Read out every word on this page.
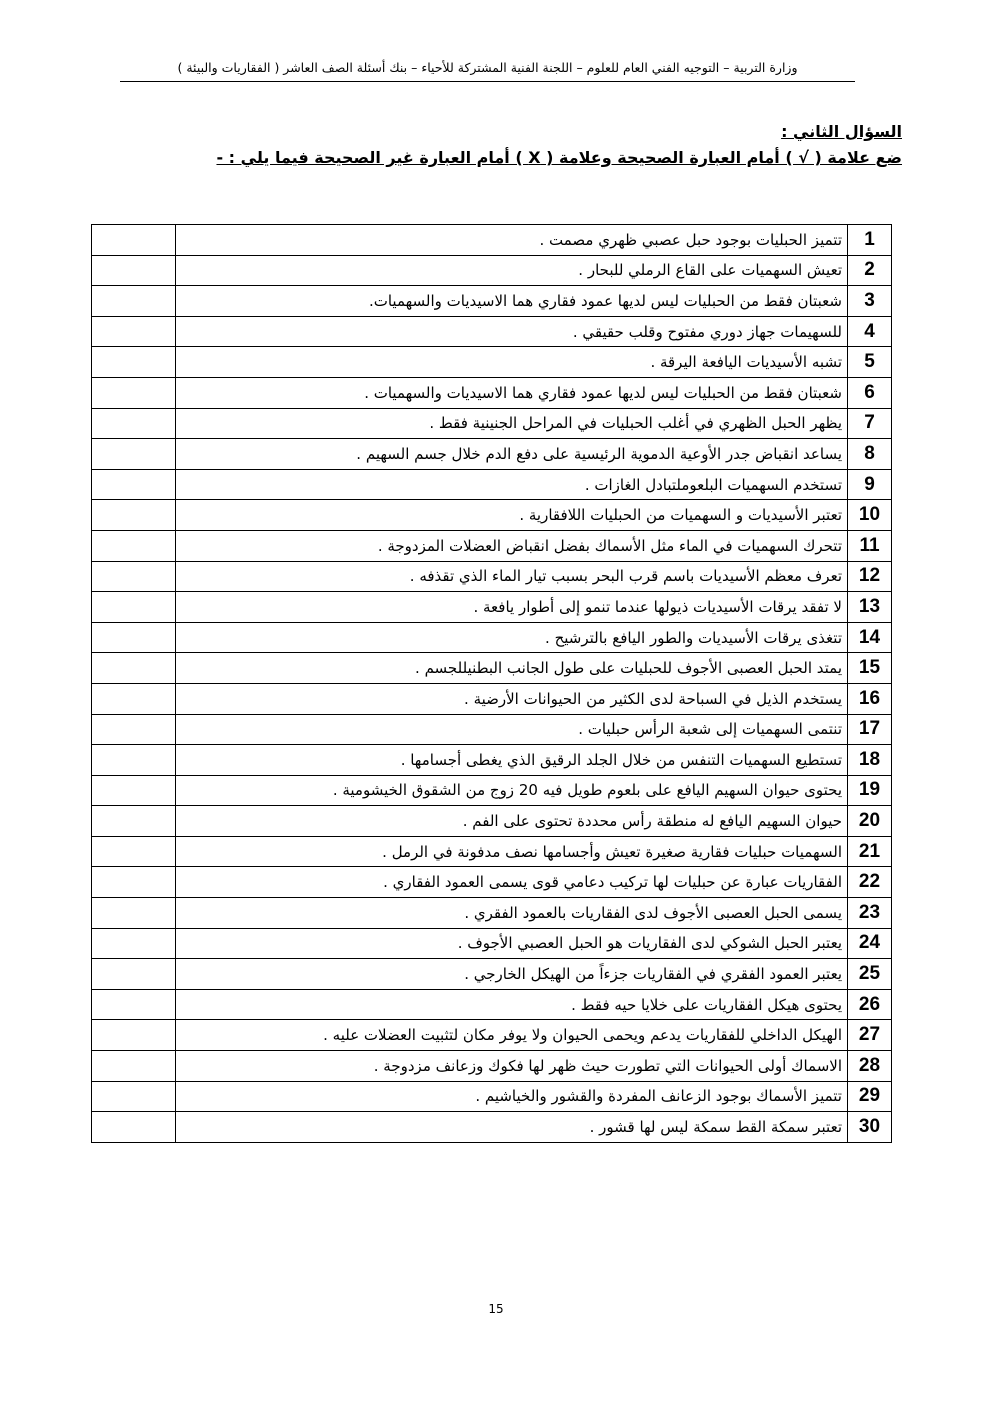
وزارة التربية – التوجيه الفني العام للعلوم – اللجنة الفنية المشتركة للأحياء – بنك أسئلة الصف العاشر ( الفقاريات والبيئة )
السؤال الثاني :
ضع علامة ( √ ) أمام العبارة الصحيحة وعلامة ( X ) أمام العبارة غير الصحيحة فيما يلي : -
1	تتميز الحبليات بوجود حبل عصبي ظهري مصمت .	
2	تعيش السهميات على القاع الرملي للبحار .	
3	شعبتان فقط من الحبليات ليس لديها عمود فقاري هما الاسيديات والسهميات.	
4	للسهيمات جهاز دوري مفتوح وقلب حقيقي .	
5	تشبه الأسيديات اليافعة اليرقة .	
6	شعبتان فقط من الحبليات ليس لديها عمود فقاري هما الاسيديات والسهميات .	
7	يظهر الحبل الظهري في أغلب الحبليات في المراحل الجنينية فقط .	
8	يساعد انقباض جدر الأوعية الدموية الرئيسية على دفع الدم خلال جسم السهيم .	
9	تستخدم السهميات البلعوملتبادل الغازات .	
10	تعتبر الأسيديات و السهميات من الحبليات اللافقارية .	
11	تتحرك السهميات في الماء مثل الأسماك بفضل انقباض العضلات المزدوجة .	
12	تعرف معظم الأسيديات باسم قرب البحر بسبب تيار الماء الذي تقذفه .	
13	لا تفقد يرقات الأسيديات ذيولها عندما تنمو إلى أطوار يافعة .	
14	تتغذى يرقات الأسيديات والطور اليافع بالترشيح .	
15	يمتد الحبل العصبى الأجوف للحبليات على طول الجانب البطنيللجسم .	
16	يستخدم الذيل في السباحة لدى الكثير من الحيوانات الأرضية .	
17	تنتمى السهميات إلى شعبة الرأس حبليات .	
18	تستطيع السهميات التنفس من خلال الجلد الرقيق الذي يغطى أجسامها .	
19	يحتوى حيوان السهيم اليافع على بلعوم طويل فيه 20 زوج من الشقوق الخيشومية .	
20	حيوان السهيم اليافع له منطقة رأس محددة تحتوى على الفم .	
21	السهميات حبليات فقارية صغيرة تعيش وأجسامها نصف مدفونة في الرمل .	
22	الفقاريات عبارة عن حبليات لها تركيب دعامي قوى يسمى العمود الفقاري .	
23	يسمى الحبل العصبى الأجوف لدى الفقاريات بالعمود الفقري .	
24	يعتبر الحبل الشوكي لدى الفقاريات هو الحبل العصبي الأجوف .	
25	يعتبر العمود الفقري في الفقاريات جزءاً من الهيكل الخارجي .	
26	يحتوى هيكل الفقاريات على خلايا حيه فقط .	
27	الهيكل الداخلي للفقاريات يدعم ويحمى الحيوان ولا يوفر مكان لتثبيت العضلات عليه .	
28	الاسماك أولى الحيوانات التي تطورت حيث ظهر لها فكوك وزعانف مزدوجة .	
29	تتميز الأسماك بوجود الزعانف المفردة والقشور والخياشيم .	
30	تعتبر سمكة القط سمكة ليس لها قشور .	
15
